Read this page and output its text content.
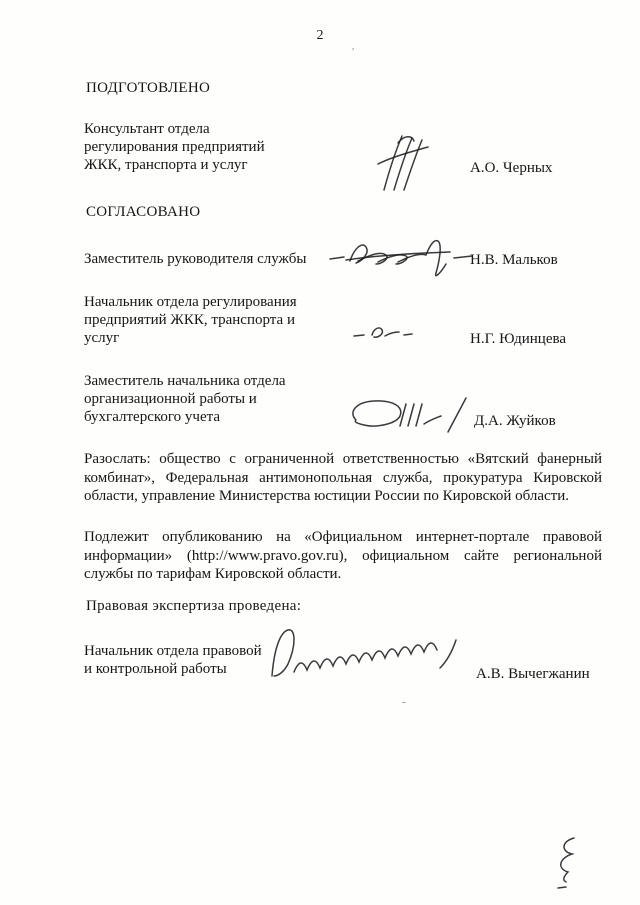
2
ʹ
ПОДГОТОВЛЕНО
Консультант отдела регулирования предприятий ЖКК, транспорта и услуг	А.О. Черных
СОГЛАСОВАНО
Заместитель руководителя службы	Н.В. Мальков
Начальник отдела регулирования предприятий ЖКК, транспорта и услуг	Н.Г. Юдинцева
Заместитель начальника отдела организационной работы и бухгалтерского учета	Д.А. Жуйков
Разослать: общество с ограниченной ответственностью «Вятский фанерный комбинат», Федеральная антимонопольная служба, прокуратура Кировской области, управление Министерства юстиции России по Кировской области.
Подлежит опубликованию на «Официальном интернет-портале правовой информации» (http://www.pravo.gov.ru), официальном сайте региональной службы по тарифам Кировской области.
Правовая экспертиза проведена:
Начальник отдела правовой и контрольной работы	А.В. Вычегжанин
-
